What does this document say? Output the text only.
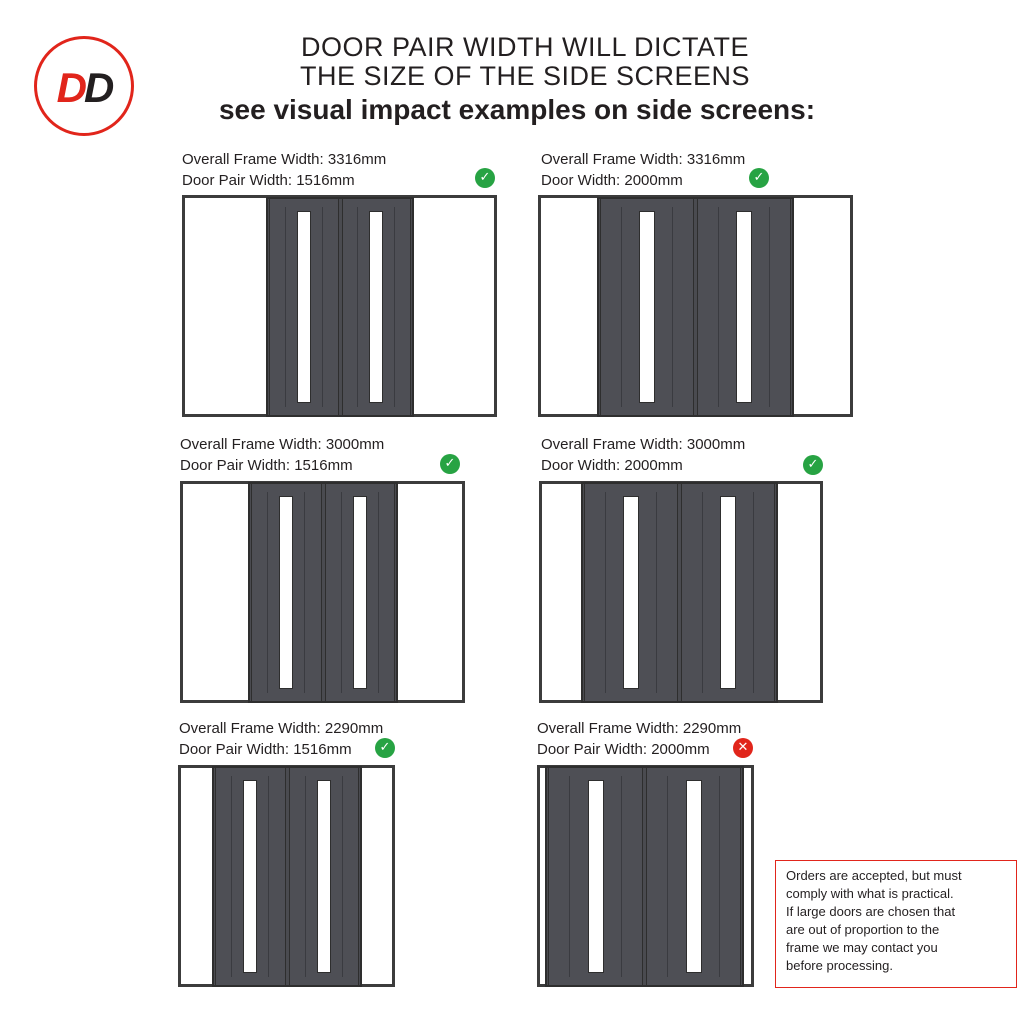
DD
DOOR PAIR WIDTH WILL DICTATE
THE SIZE OF THE SIDE SCREENS
see visual impact examples on side screens:
Overall Frame Width: 3316mm
Door Pair Width: 1516mm	✓
Overall Frame Width: 3316mm
Door Width: 2000mm	✓
Overall Frame Width: 3000mm
Door Pair Width: 1516mm	✓
Overall Frame Width: 3000mm
Door Width: 2000mm	✓
Overall Frame Width: 2290mm
Door Pair Width: 1516mm	✓
Overall Frame Width: 2290mm
Door Pair Width: 2000mm	✕
Orders are accepted, but must
comply with what is practical.
If large doors are chosen that
are out of proportion to the
frame we may contact you
before processing.
